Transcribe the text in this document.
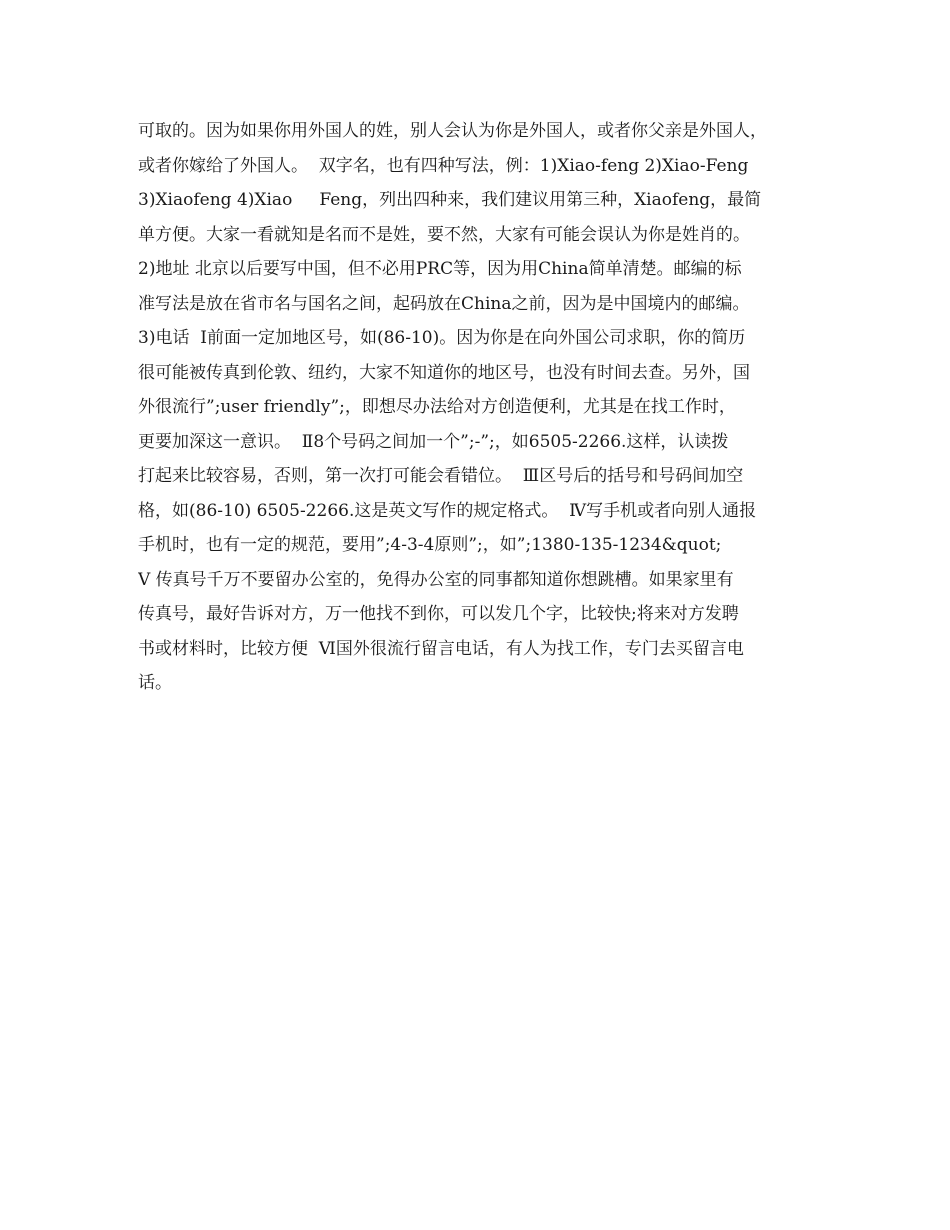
可取的。因为如果你用外国人的姓，别人会认为你是外国人，或者你父亲是外国人，
或者你嫁给了外国人。  双字名，也有四种写法，例：1)Xiao-feng 2)Xiao-Feng
3)Xiaofeng 4)Xiao     Feng，列出四种来，我们建议用第三种，Xiaofeng，最简
单方便。大家一看就知是名而不是姓，要不然，大家有可能会误认为你是姓肖的。
2)地址 北京以后要写中国，但不必用PRC等，因为用China简单清楚。邮编的标
准写法是放在省市名与国名之间，起码放在China之前，因为是中国境内的邮编。
3)电话  Ⅰ前面一定加地区号，如(86-10)。因为你是在向外国公司求职，你的简历
很可能被传真到伦敦、纽约，大家不知道你的地区号，也没有时间去查。另外，国
外很流行”;user friendly”;，即想尽办法给对方创造便利，尤其是在找工作时，
更要加深这一意识。  Ⅱ8个号码之间加一个”;-”;，如6505-2266.这样，认读拨
打起来比较容易，否则，第一次打可能会看错位。  Ⅲ区号后的括号和号码间加空
格，如(86-10) 6505-2266.这是英文写作的规定格式。  Ⅳ写手机或者向别人通报
手机时，也有一定的规范，要用”;4-3-4原则”;，如”;1380-135-1234&quot;
Ⅴ 传真号千万不要留办公室的，免得办公室的同事都知道你想跳槽。如果家里有
传真号，最好告诉对方，万一他找不到你，可以发几个字，比较快;将来对方发聘
书或材料时，比较方便  Ⅵ国外很流行留言电话，有人为找工作，专门去买留言电
话。
